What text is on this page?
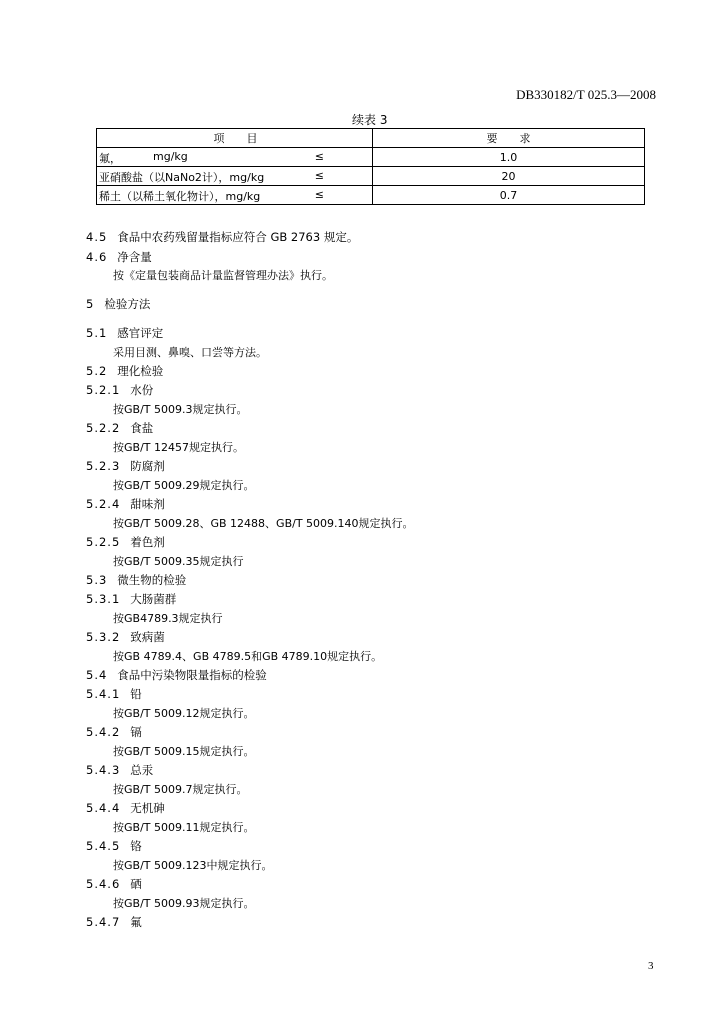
DB330182/T 025.3—2008
续表 3
项　　目	要　　求

氟， mg/kg ≤	1.0

亚硝酸盐（以NaNo2计），mg/kg ≤	20

稀土（以稀土氧化物计），mg/kg ≤	0.7
4.5 食品中农药残留量指标应符合 GB 2763 规定。
4.6 净含量
按《定量包装商品计量监督管理办法》执行。
5 检验方法
5.1 感官评定
采用目测、鼻嗅、口尝等方法。
5.2 理化检验
5.2.1 水份
按GB/T 5009.3规定执行。
5.2.2 食盐
按GB/T 12457规定执行。
5.2.3 防腐剂
按GB/T 5009.29规定执行。
5.2.4 甜味剂
按GB/T 5009.28、GB 12488、GB/T 5009.140规定执行。
5.2.5 着色剂
按GB/T 5009.35规定执行
5.3 微生物的检验
5.3.1 大肠菌群
按GB4789.3规定执行
5.3.2 致病菌
按GB 4789.4、GB 4789.5和GB 4789.10规定执行。
5.4 食品中污染物限量指标的检验
5.4.1 铅
按GB/T 5009.12规定执行。
5.4.2 镉
按GB/T 5009.15规定执行。
5.4.3 总汞
按GB/T 5009.7规定执行。
5.4.4 无机砷
按GB/T 5009.11规定执行。
5.4.5 铬
按GB/T 5009.123中规定执行。
5.4.6 硒
按GB/T 5009.93规定执行。
5.4.7 氟
3
